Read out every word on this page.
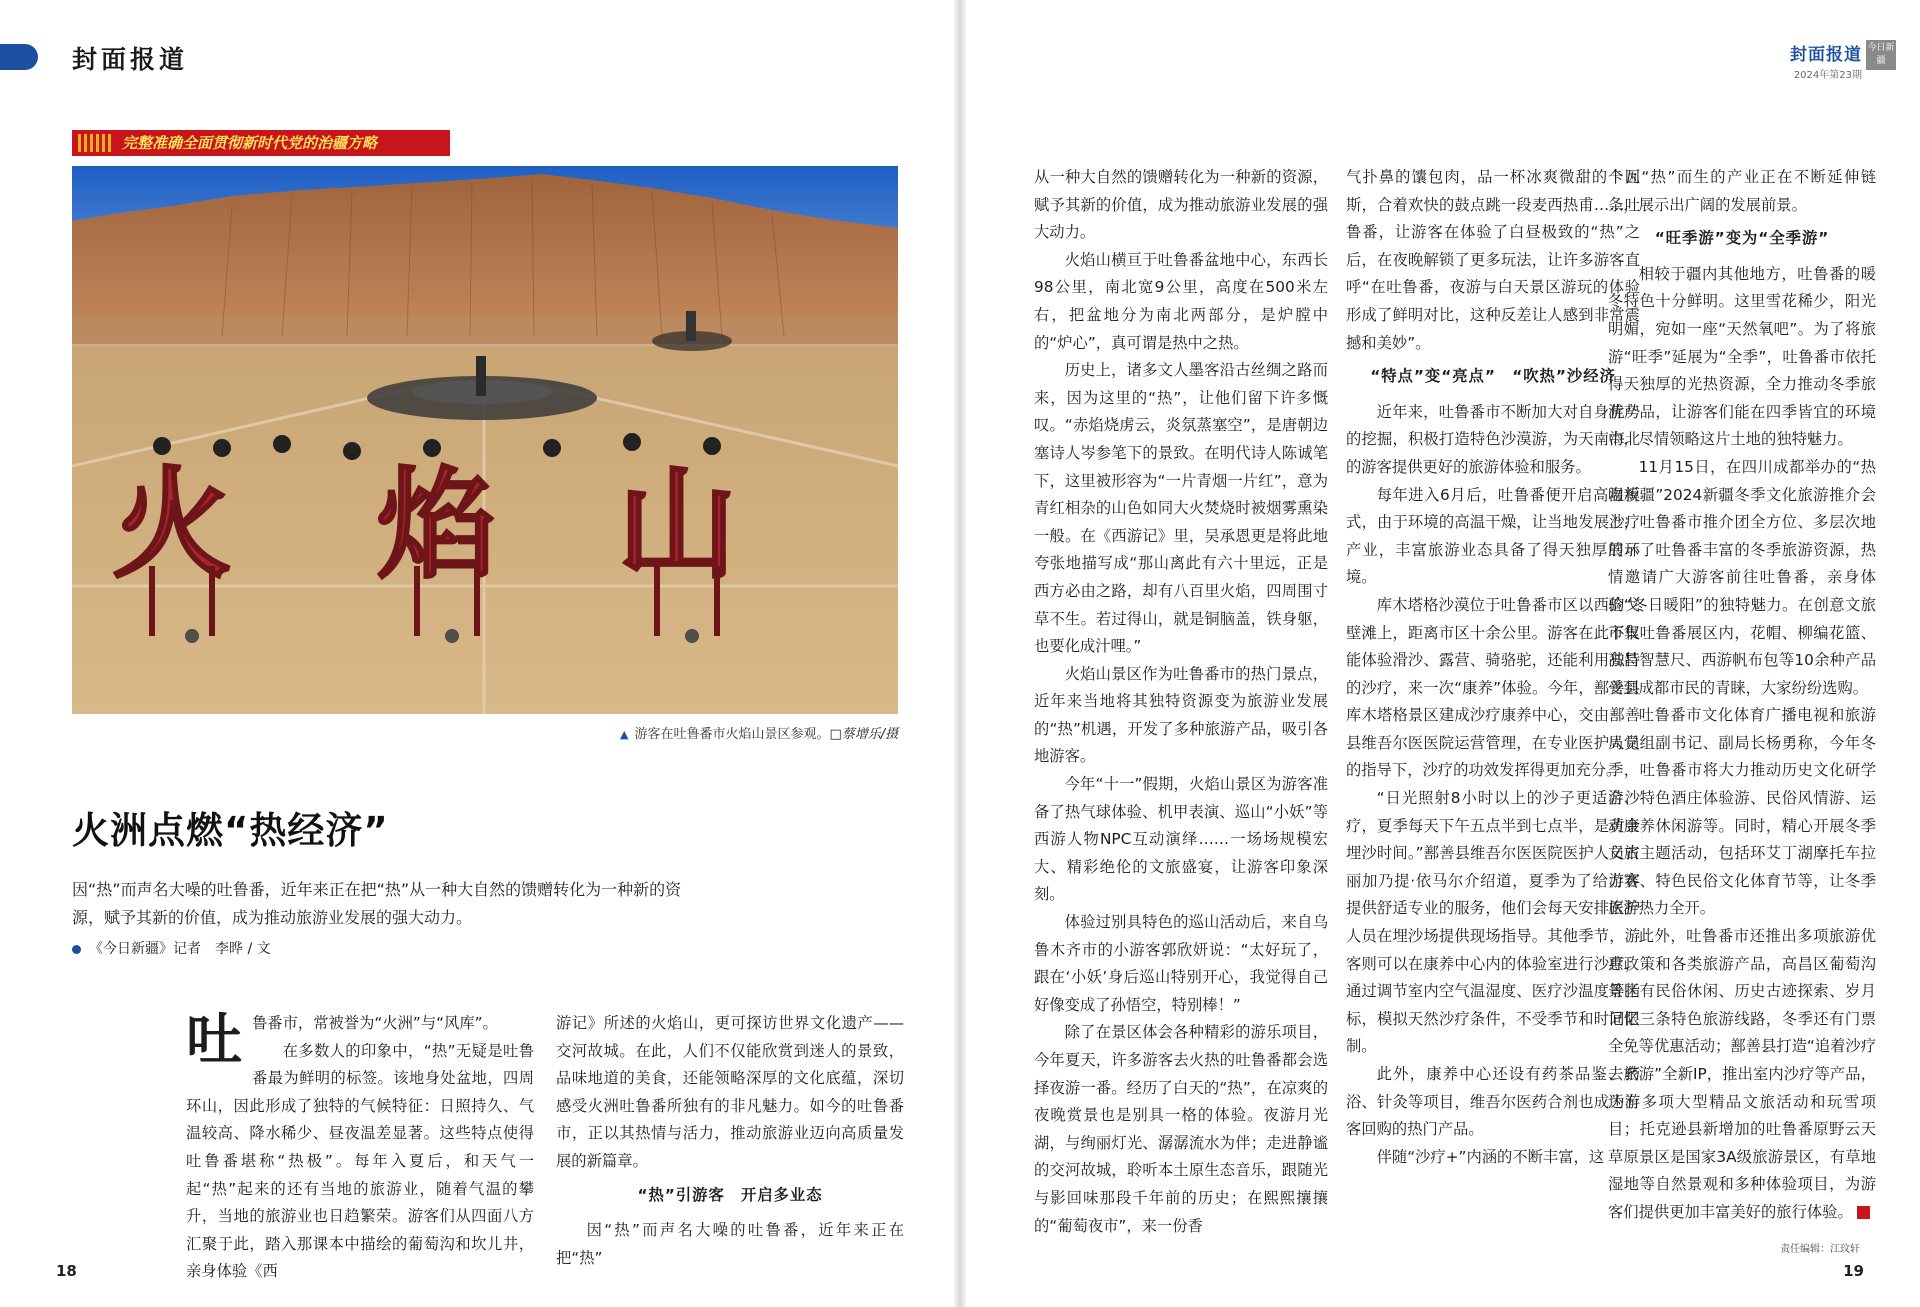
封面报道	封面报道
2024年第23期
今日新疆
完整准确全面贯彻新时代党的治疆方略
火 焰 山
▲ 游客在吐鲁番市火焰山景区参观。□蔡增乐/摄
火洲点燃“热经济”
因“热”而声名大噪的吐鲁番，近年来正在把“热”从一种大自然的馈赠转化为一种新的资源，赋予其新的价值，成为推动旅游业发展的强大动力。
《今日新疆》记者　李晔 / 文
吐 鲁番市，常被誉为“火洲”与“风库”。

在多数人的印象中，“热”无疑是吐鲁番最为鲜明的标签。该地身处盆地，四周环山，因此形成了独特的气候特征：日照持久、气温较高、降水稀少、昼夜温差显著。这些特点使得吐鲁番堪称“热极”。每年入夏后，和天气一起“热”起来的还有当地的旅游业，随着气温的攀升，当地的旅游业也日趋繁荣。游客们从四面八方汇聚于此，踏入那课本中描绘的葡萄沟和坎儿井，亲身体验《西

游记》所述的火焰山，更可探访世界文化遗产——交河故城。在此，人们不仅能欣赏到迷人的景致，品味地道的美食，还能领略深厚的文化底蕴，深切感受火洲吐鲁番所独有的非凡魅力。如今的吐鲁番市，正以其热情与活力，推动旅游业迈向高质量发展的新篇章。

“热”引游客　开启多业态

因“热”而声名大噪的吐鲁番，近年来正在把“热”

从一种大自然的馈赠转化为一种新的资源，赋予其新的价值，成为推动旅游业发展的强大动力。

火焰山横亘于吐鲁番盆地中心，东西长98公里，南北宽9公里，高度在500米左右，把盆地分为南北两部分，是炉膛中的“炉心”，真可谓是热中之热。

历史上，诸多文人墨客沿古丝绸之路而来，因为这里的“热”，让他们留下许多慨叹。“赤焰烧虏云，炎氛蒸塞空”，是唐朝边塞诗人岑参笔下的景致。在明代诗人陈诚笔下，这里被形容为“一片青烟一片红”，意为青红相杂的山色如同大火焚烧时被烟雾熏染一般。在《西游记》里，吴承恩更是将此地夸张地描写成“那山离此有六十里远，正是西方必由之路，却有八百里火焰，四周围寸草不生。若过得山，就是铜脑盖，铁身躯，也要化成汁哩。”

火焰山景区作为吐鲁番市的热门景点，近年来当地将其独特资源变为旅游业发展的“热”机遇，开发了多种旅游产品，吸引各地游客。

今年“十一”假期，火焰山景区为游客准备了热气球体验、机甲表演、巡山“小妖”等西游人物NPC互动演绎……一场场规模宏大、精彩绝伦的文旅盛宴，让游客印象深刻。

体验过别具特色的巡山活动后，来自乌鲁木齐市的小游客郭欣妍说：“太好玩了，跟在‘小妖’身后巡山特别开心，我觉得自己好像变成了孙悟空，特别棒！”

除了在景区体会各种精彩的游乐项目，今年夏天，许多游客去火热的吐鲁番都会选择夜游一番。经历了白天的“热”，在凉爽的夜晚赏景也是别具一格的体验。夜游月光湖，与绚丽灯光、潺潺流水为伴；走进静谧的交河故城，聆听本土原生态音乐，跟随光与影回味那段千年前的历史；在熙熙攘攘的“葡萄夜市”，来一份香

气扑鼻的馕包肉，品一杯冰爽微甜的卡瓦斯，合着欢快的鼓点跳一段麦西热甫……吐鲁番，让游客在体验了白昼极致的“热”之后，在夜晚解锁了更多玩法，让许多游客直呼“在吐鲁番，夜游与白天景区游玩的体验形成了鲜明对比，这种反差让人感到非常震撼和美妙”。

“特点”变“亮点”　“吹热”沙经济

近年来，吐鲁番市不断加大对自身优势的挖掘，积极打造特色沙漠游，为天南海北的游客提供更好的旅游体验和服务。

每年进入6月后，吐鲁番便开启高温模式，由于环境的高温干燥，让当地发展沙疗产业，丰富旅游业态具备了得天独厚的环境。

库木塔格沙漠位于吐鲁番市区以西的戈壁滩上，距离市区十余公里。游客在此不仅能体验滑沙、露营、骑骆驼，还能利用独特的沙疗，来一次“康养”体验。今年，鄯善县库木塔格景区建成沙疗康养中心，交由鄯善县维吾尔医医院运营管理，在专业医护人员的指导下，沙疗的功效发挥得更加充分。

“日光照射8小时以上的沙子更适合沙疗，夏季每天下午五点半到七点半，是黄金埋沙时间。”鄯善县维吾尔医医院医护人员古丽加乃提·依马尔介绍道，夏季为了给游客提供舒适专业的服务，他们会每天安排医护人员在埋沙场提供现场指导。其他季节，游客则可以在康养中心内的体验室进行沙疗，通过调节室内空气温湿度、医疗沙温度等指标，模拟天然沙疗条件，不受季节和时间限制。

此外，康养中心还设有药茶品鉴、药浴、针灸等项目，维吾尔医药合剂也成为游客回购的热门产品。

伴随“沙疗+”内涵的不断丰富，这

个因“热”而生的产业正在不断延伸链条，展示出广阔的发展前景。

“旺季游”变为“全季游”

相较于疆内其他地方，吐鲁番的暖冬特色十分鲜明。这里雪花稀少，阳光明媚，宛如一座“天然氧吧”。为了将旅游“旺季”延展为“全季”，吐鲁番市依托得天独厚的光热资源，全力推动冬季旅游产品，让游客们能在四季皆宜的环境中，尽情领略这片土地的独特魅力。

11月15日，在四川成都举办的“热吻新疆”2024新疆冬季文化旅游推介会上，吐鲁番市推介团全方位、多层次地展示了吐鲁番丰富的冬季旅游资源，热情邀请广大游客前往吐鲁番，亲身体验“冬日暖阳”的独特魅力。在创意文旅市集吐鲁番展区内，花帽、柳编花篮、高昌智慧尺、西游帆布包等10余种产品受到成都市民的青睐，大家纷纷选购。

吐鲁番市文化体育广播电视和旅游局党组副书记、副局长杨勇称，今年冬季，吐鲁番市将大力推动历史文化研学游、特色酒庄体验游、民俗风情游、运动康养休闲游等。同时，精心开展冬季文旅主题活动，包括环艾丁湖摩托车拉力赛、特色民俗文化体育节等，让冬季旅游热力全开。

此外，吐鲁番市还推出多项旅游优惠政策和各类旅游产品，高昌区葡萄沟景区有民俗休闲、历史古迹探索、岁月记忆三条特色旅游线路，冬季还有门票全免等优惠活动；鄯善县打造“追着沙疗去旅游”全新IP，推出室内沙疗等产品，还有多项大型精品文旅活动和玩雪项目；托克逊县新增加的吐鲁番原野云天草原景区是国家3A级旅游景区，有草地湿地等自然景观和多种体验项目，为游客们提供更加丰富美好的旅行体验。	J

18	19
责任编辑：江玟轩
